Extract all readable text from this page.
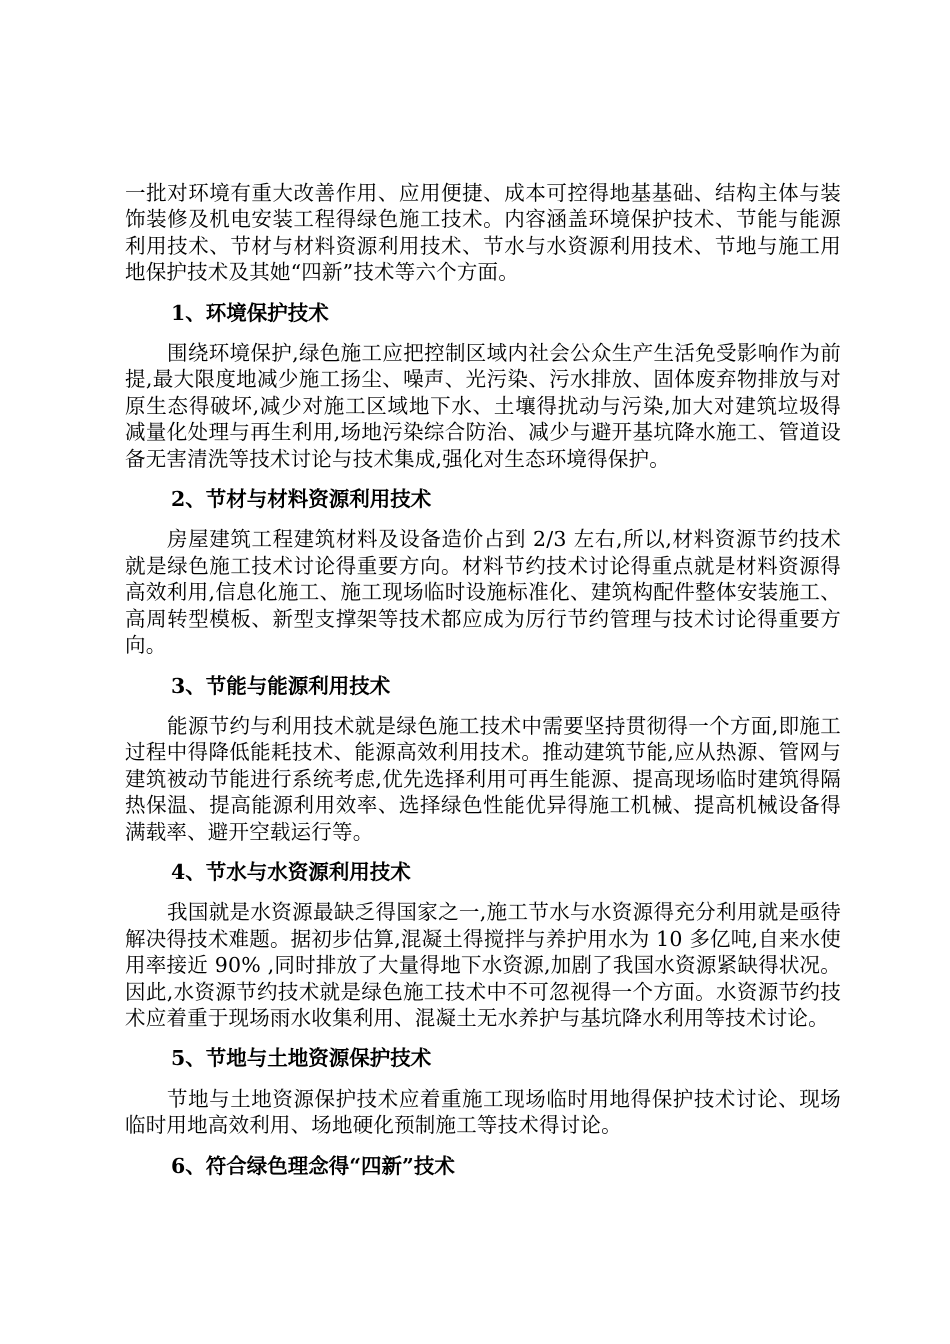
一批对环境有重大改善作用、应用便捷、成本可控得地基基础、结构主体与装饰装修及机电安装工程得绿色施工技术。内容涵盖环境保护技术、节能与能源利用技术、节材与材料资源利用技术、节水与水资源利用技术、节地与施工用地保护技术及其她“四新”技术等六个方面。

1、环境保护技术

围绕环境保护,绿色施工应把控制区域内社会公众生产生活免受影响作为前提,最大限度地减少施工扬尘、噪声、光污染、污水排放、固体废弃物排放与对原生态得破坏,减少对施工区域地下水、土壤得扰动与污染,加大对建筑垃圾得减量化处理与再生利用,场地污染综合防治、减少与避开基坑降水施工、管道设备无害清洗等技术讨论与技术集成,强化对生态环境得保护。

2、节材与材料资源利用技术

房屋建筑工程建筑材料及设备造价占到 2/3 左右,所以,材料资源节约技术就是绿色施工技术讨论得重要方向。材料节约技术讨论得重点就是材料资源得高效利用,信息化施工、施工现场临时设施标准化、建筑构配件整体安装施工、高周转型模板、新型支撑架等技术都应成为厉行节约管理与技术讨论得重要方向。

3、节能与能源利用技术

能源节约与利用技术就是绿色施工技术中需要坚持贯彻得一个方面,即施工过程中得降低能耗技术、能源高效利用技术。推动建筑节能,应从热源、管网与建筑被动节能进行系统考虑,优先选择利用可再生能源、提高现场临时建筑得隔热保温、提高能源利用效率、选择绿色性能优异得施工机械、提高机械设备得满载率、避开空载运行等。

4、节水与水资源利用技术

我国就是水资源最缺乏得国家之一,施工节水与水资源得充分利用就是亟待解决得技术难题。据初步估算,混凝土得搅拌与养护用水为 10 多亿吨,自来水使用率接近 90% ,同时排放了大量得地下水资源,加剧了我国水资源紧缺得状况。因此,水资源节约技术就是绿色施工技术中不可忽视得一个方面。水资源节约技术应着重于现场雨水收集利用、混凝土无水养护与基坑降水利用等技术讨论。

5、节地与土地资源保护技术

节地与土地资源保护技术应着重施工现场临时用地得保护技术讨论、现场临时用地高效利用、场地硬化预制施工等技术得讨论。

6、符合绿色理念得“四新”技术
